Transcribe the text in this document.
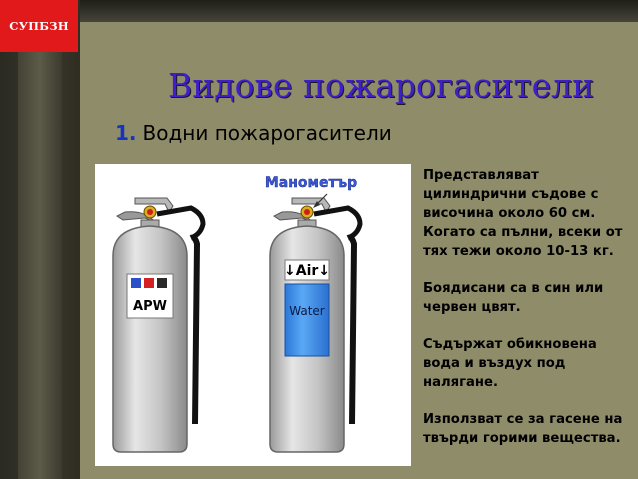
СУПБЗН
Видове пожарогасители
1. Водни пожарогасители
APW
↓Air↓
Water
Манометър	Представляват цилиндрични съдове с височина около 60 см. Когато са пълни, всеки от тях тежи около 10-13 кг.

Боядисани са в син или червен цвят.

Съдържат обикновена вода и въздух под налягане.

Използват се за гасене на твърди горими вещества.
